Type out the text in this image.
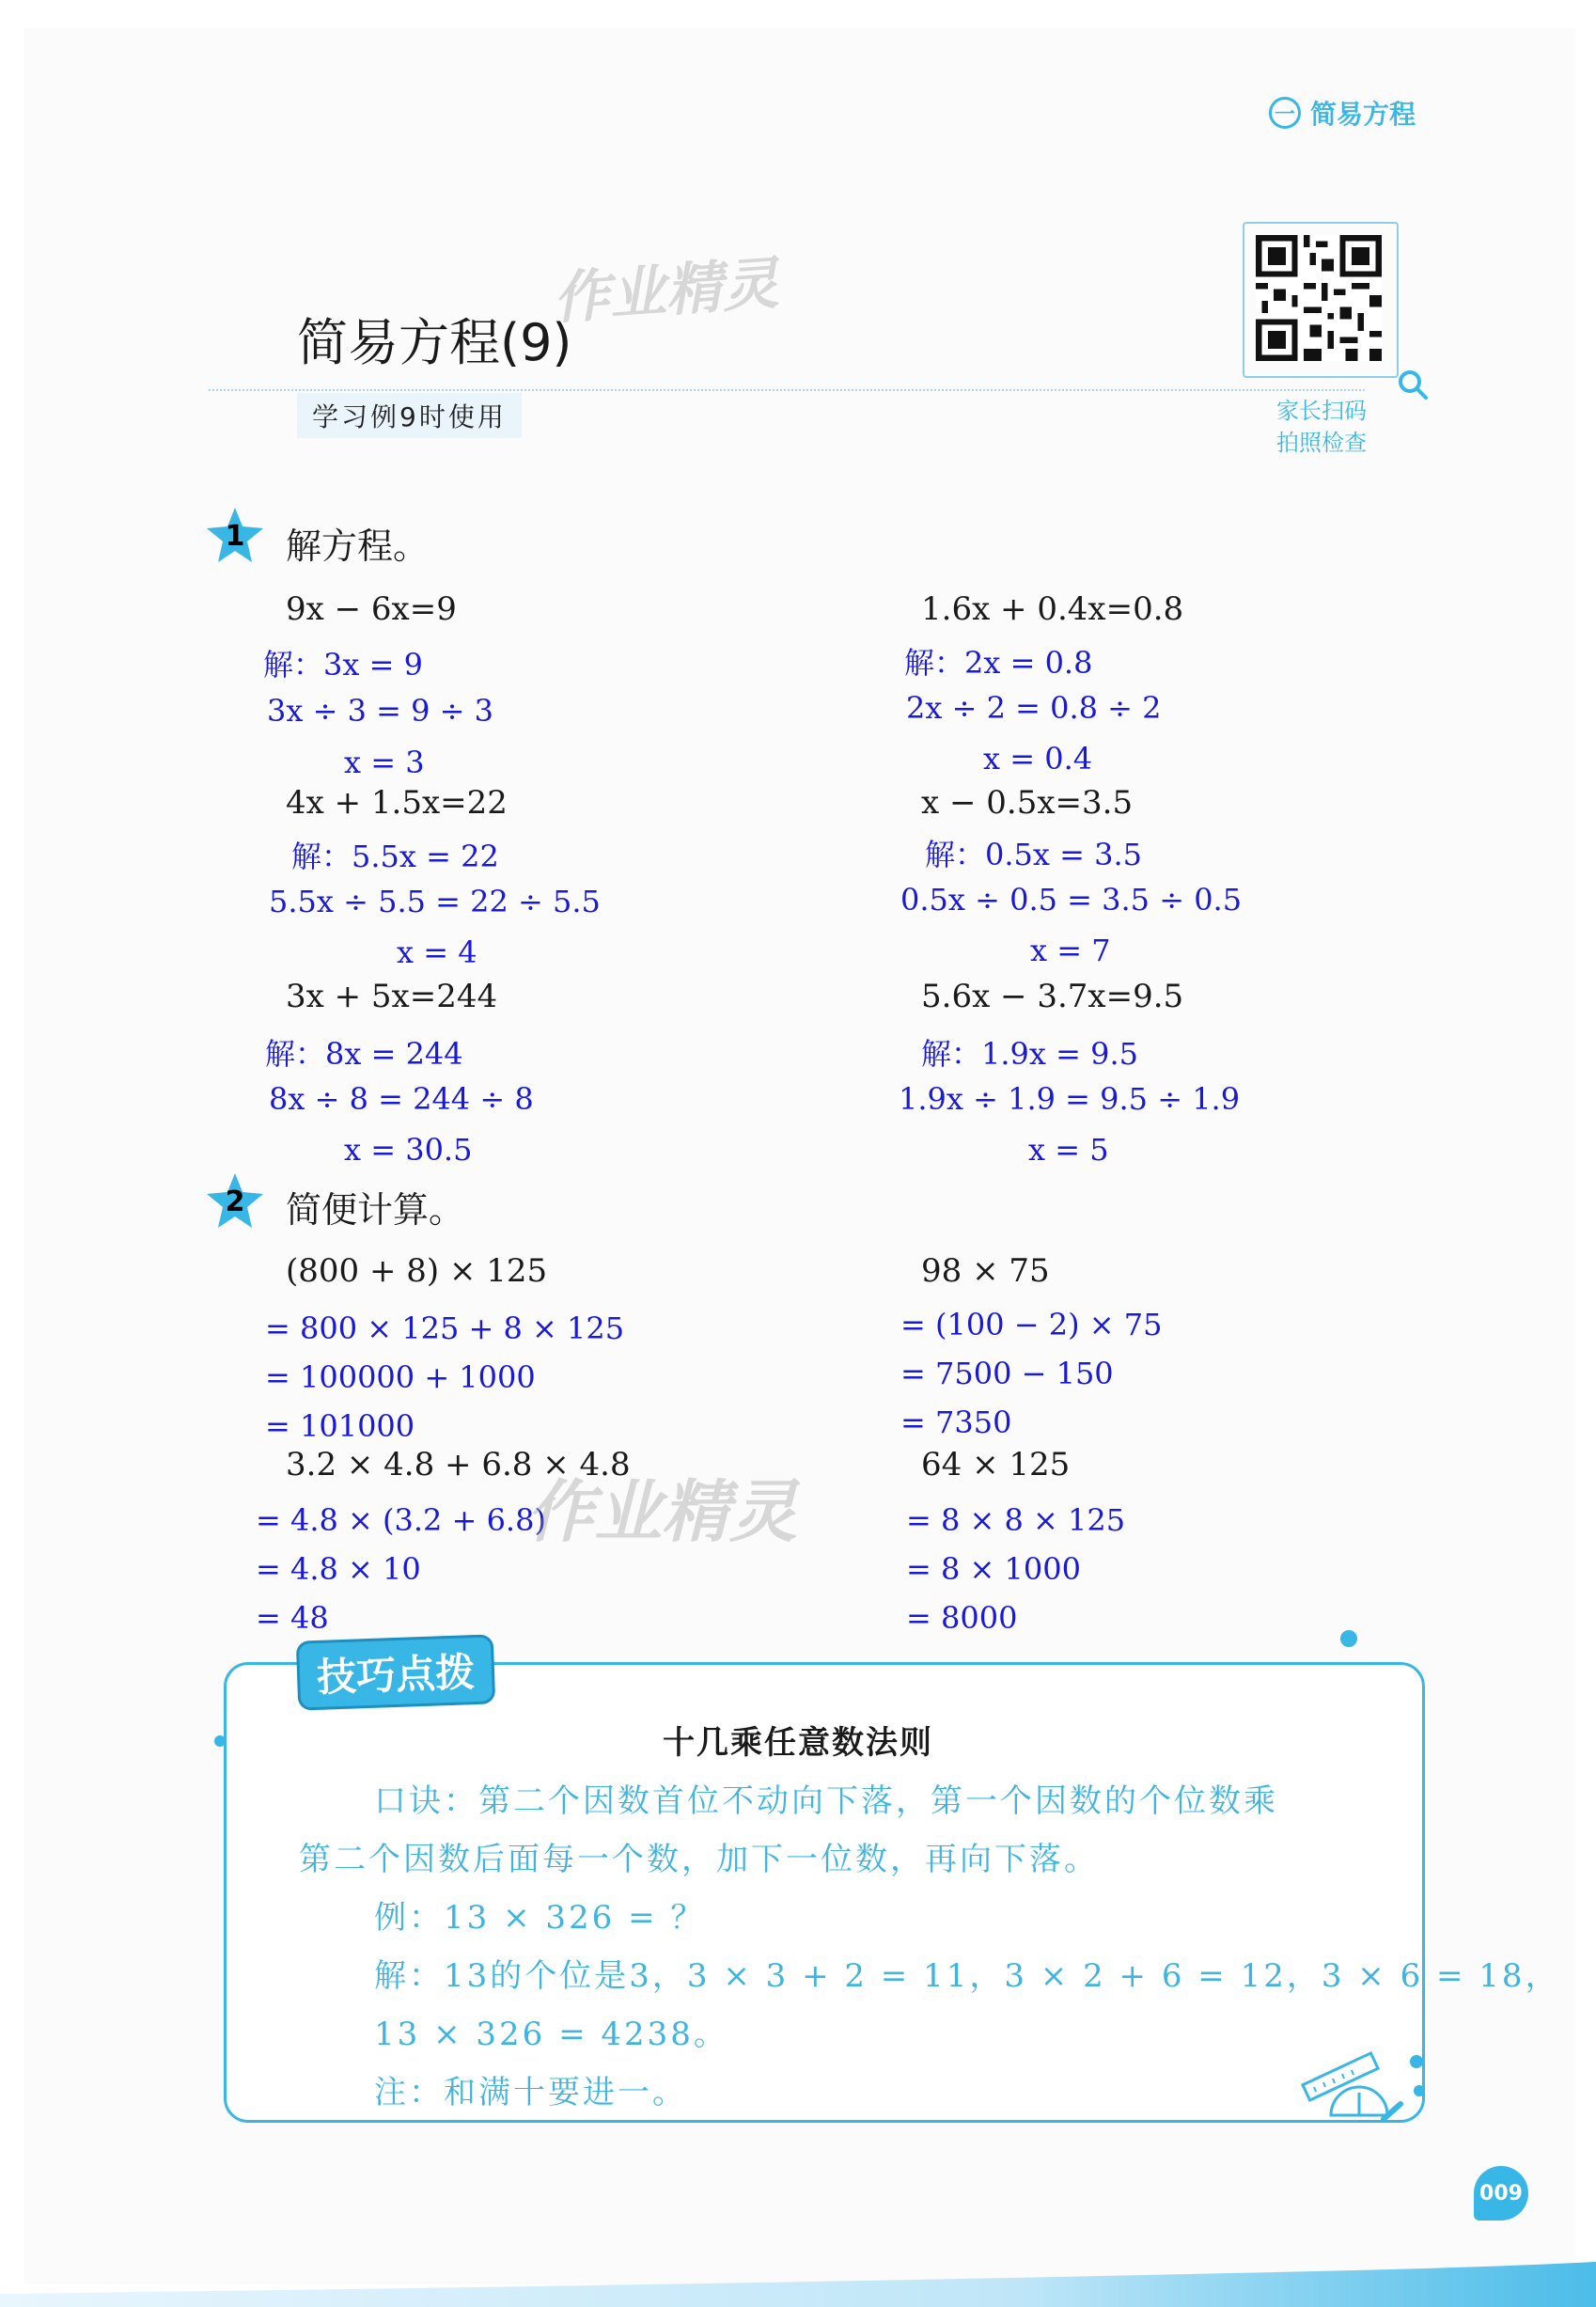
一 简易方程
简易方程(9)
作业精灵
学习例9时使用	家长扫码
拍照检查
1 解方程。
9x − 6x=9
解：3x = 9
3x ÷ 3 = 9 ÷ 3
x = 3
4x + 1.5x=22
解：5.5x = 22
5.5x ÷ 5.5 = 22 ÷ 5.5
x = 4
3x + 5x=244
解：8x = 244
8x ÷ 8 = 244 ÷ 8
x = 30.5
1.6x + 0.4x=0.8
解：2x = 0.8
2x ÷ 2 = 0.8 ÷ 2
x = 0.4
x − 0.5x=3.5
解：0.5x = 3.5
0.5x ÷ 0.5 = 3.5 ÷ 0.5
x = 7
5.6x − 3.7x=9.5
解：1.9x = 9.5
1.9x ÷ 1.9 = 9.5 ÷ 1.9
x = 5
2 简便计算。
(800 + 8) × 125
= 800 × 125 + 8 × 125
= 100000 + 1000
= 101000
3.2 × 4.8 + 6.8 × 4.8
= 4.8 × (3.2 + 6.8)
= 4.8 × 10
= 48
98 × 75
= (100 − 2) × 75
= 7500 − 150
= 7350
64 × 125
= 8 × 8 × 125
= 8 × 1000
= 8000
作业精灵
技巧点拨
十几乘任意数法则
口诀：第二个因数首位不动向下落，第一个因数的个位数乘
第二个因数后面每一个数，加下一位数，再向下落。
例：13 × 326 = ？
解：13的个位是3，3 × 3 + 2 = 11，3 × 2 + 6 = 12，3 × 6 = 18，
13 × 326 = 4238。
注：和满十要进一。
009
